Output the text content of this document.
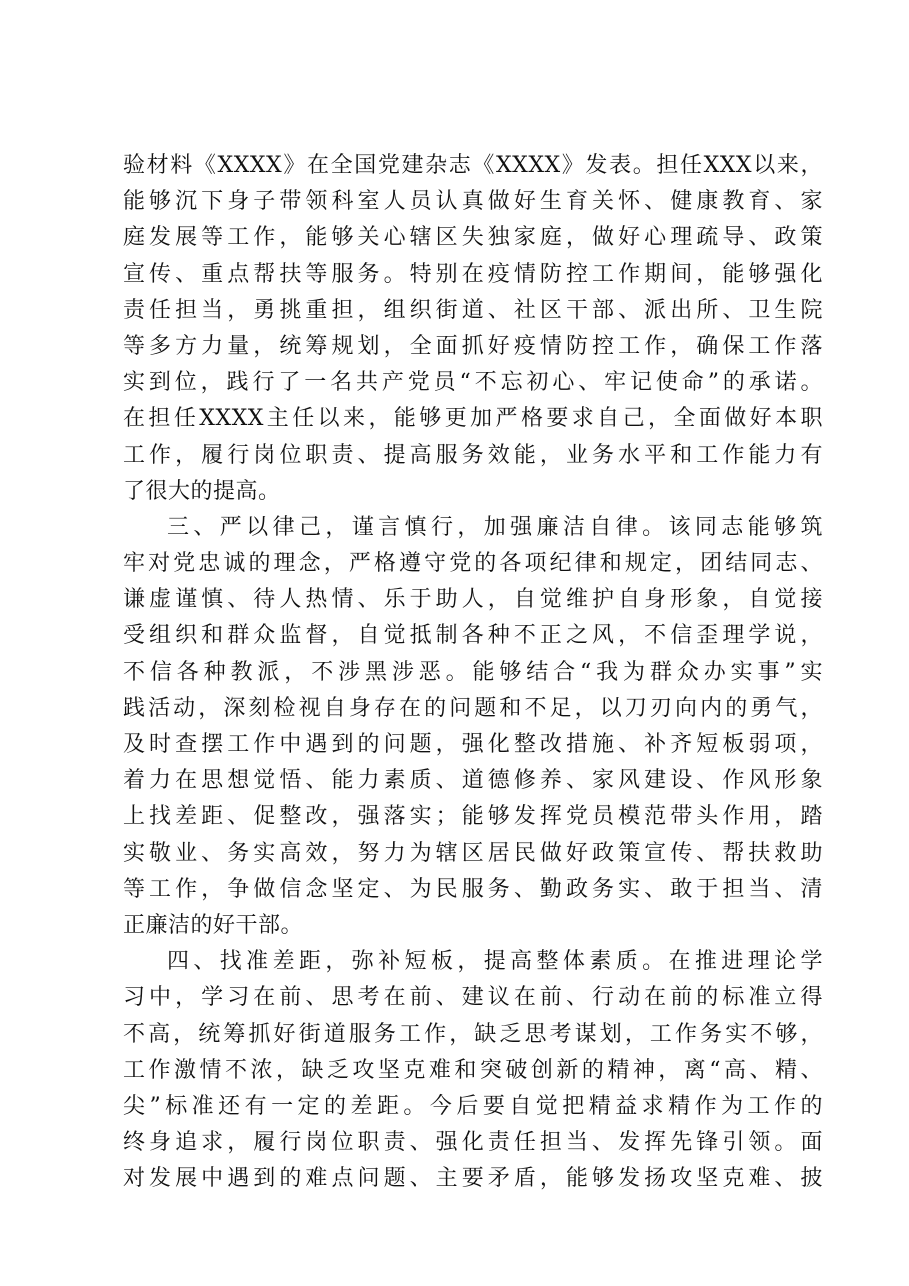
验材料《XXXX》在全国党建杂志《XXXX》发表。担任XXX以来，
能够沉下身子带领科室人员认真做好生育关怀、健康教育、家
庭发展等工作，能够关心辖区失独家庭，做好心理疏导、政策
宣传、重点帮扶等服务。特别在疫情防控工作期间，能够强化
责任担当，勇挑重担，组织街道、社区干部、派出所、卫生院
等多方力量，统筹规划，全面抓好疫情防控工作，确保工作落
实到位，践行了一名共产党员“不忘初心、牢记使命”的承诺。
在担任XXXX主任以来，能够更加严格要求自己，全面做好本职
工作，履行岗位职责、提高服务效能，业务水平和工作能力有
了很大的提高。
三、严以律己，谨言慎行，加强廉洁自律。该同志能够筑
牢对党忠诚的理念，严格遵守党的各项纪律和规定，团结同志、
谦虚谨慎、待人热情、乐于助人，自觉维护自身形象，自觉接
受组织和群众监督，自觉抵制各种不正之风，不信歪理学说，
不信各种教派，不涉黑涉恶。能够结合“我为群众办实事”实
践活动，深刻检视自身存在的问题和不足，以刀刃向内的勇气，
及时查摆工作中遇到的问题，强化整改措施、补齐短板弱项，
着力在思想觉悟、能力素质、道德修养、家风建设、作风形象
上找差距、促整改，强落实；能够发挥党员模范带头作用，踏
实敬业、务实高效，努力为辖区居民做好政策宣传、帮扶救助
等工作，争做信念坚定、为民服务、勤政务实、敢于担当、清
正廉洁的好干部。
四、找准差距，弥补短板，提高整体素质。在推进理论学
习中，学习在前、思考在前、建议在前、行动在前的标准立得
不高，统筹抓好街道服务工作，缺乏思考谋划，工作务实不够，
工作激情不浓，缺乏攻坚克难和突破创新的精神，离“高、精、
尖”标准还有一定的差距。今后要自觉把精益求精作为工作的
终身追求，履行岗位职责、强化责任担当、发挥先锋引领。面
对发展中遇到的难点问题、主要矛盾，能够发扬攻坚克难、披
